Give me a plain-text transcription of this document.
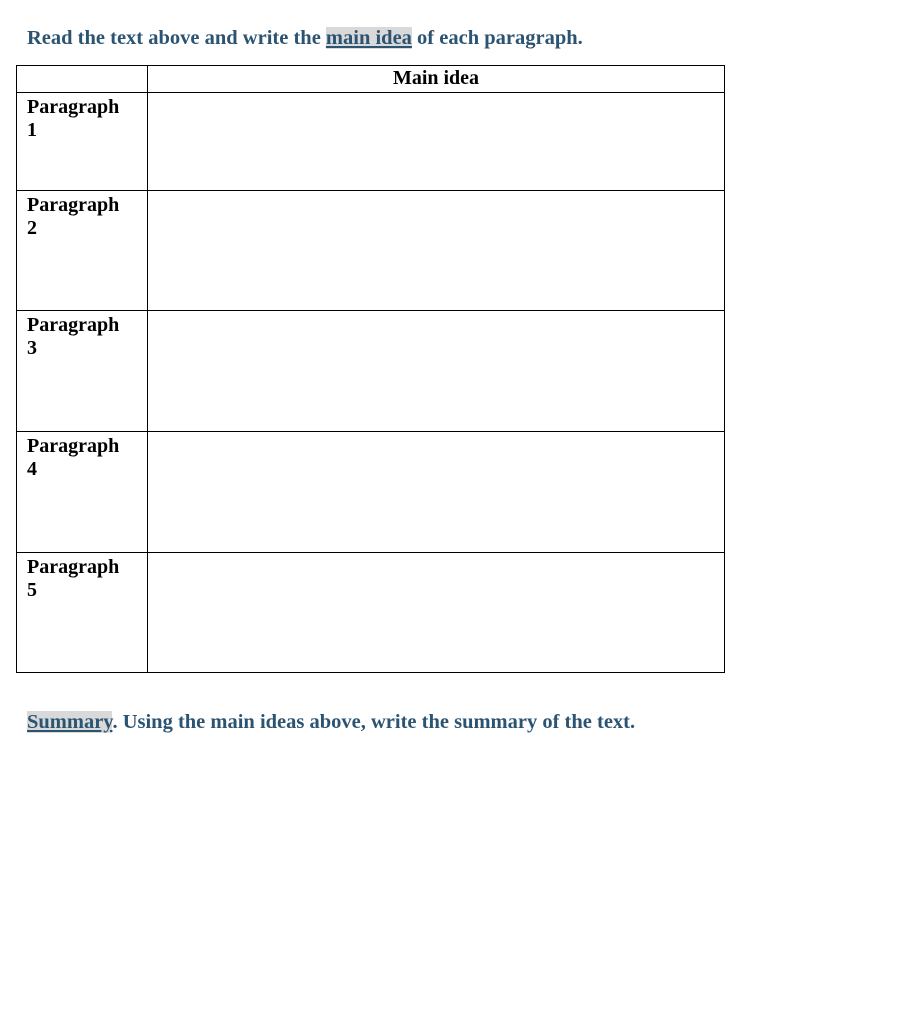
Read the text above and write the main idea of each paragraph.

	Main idea

Paragraph
1	

Paragraph
2	

Paragraph
3	

Paragraph
4	

Paragraph
5	

Summary. Using the main ideas above, write the summary of the text.
